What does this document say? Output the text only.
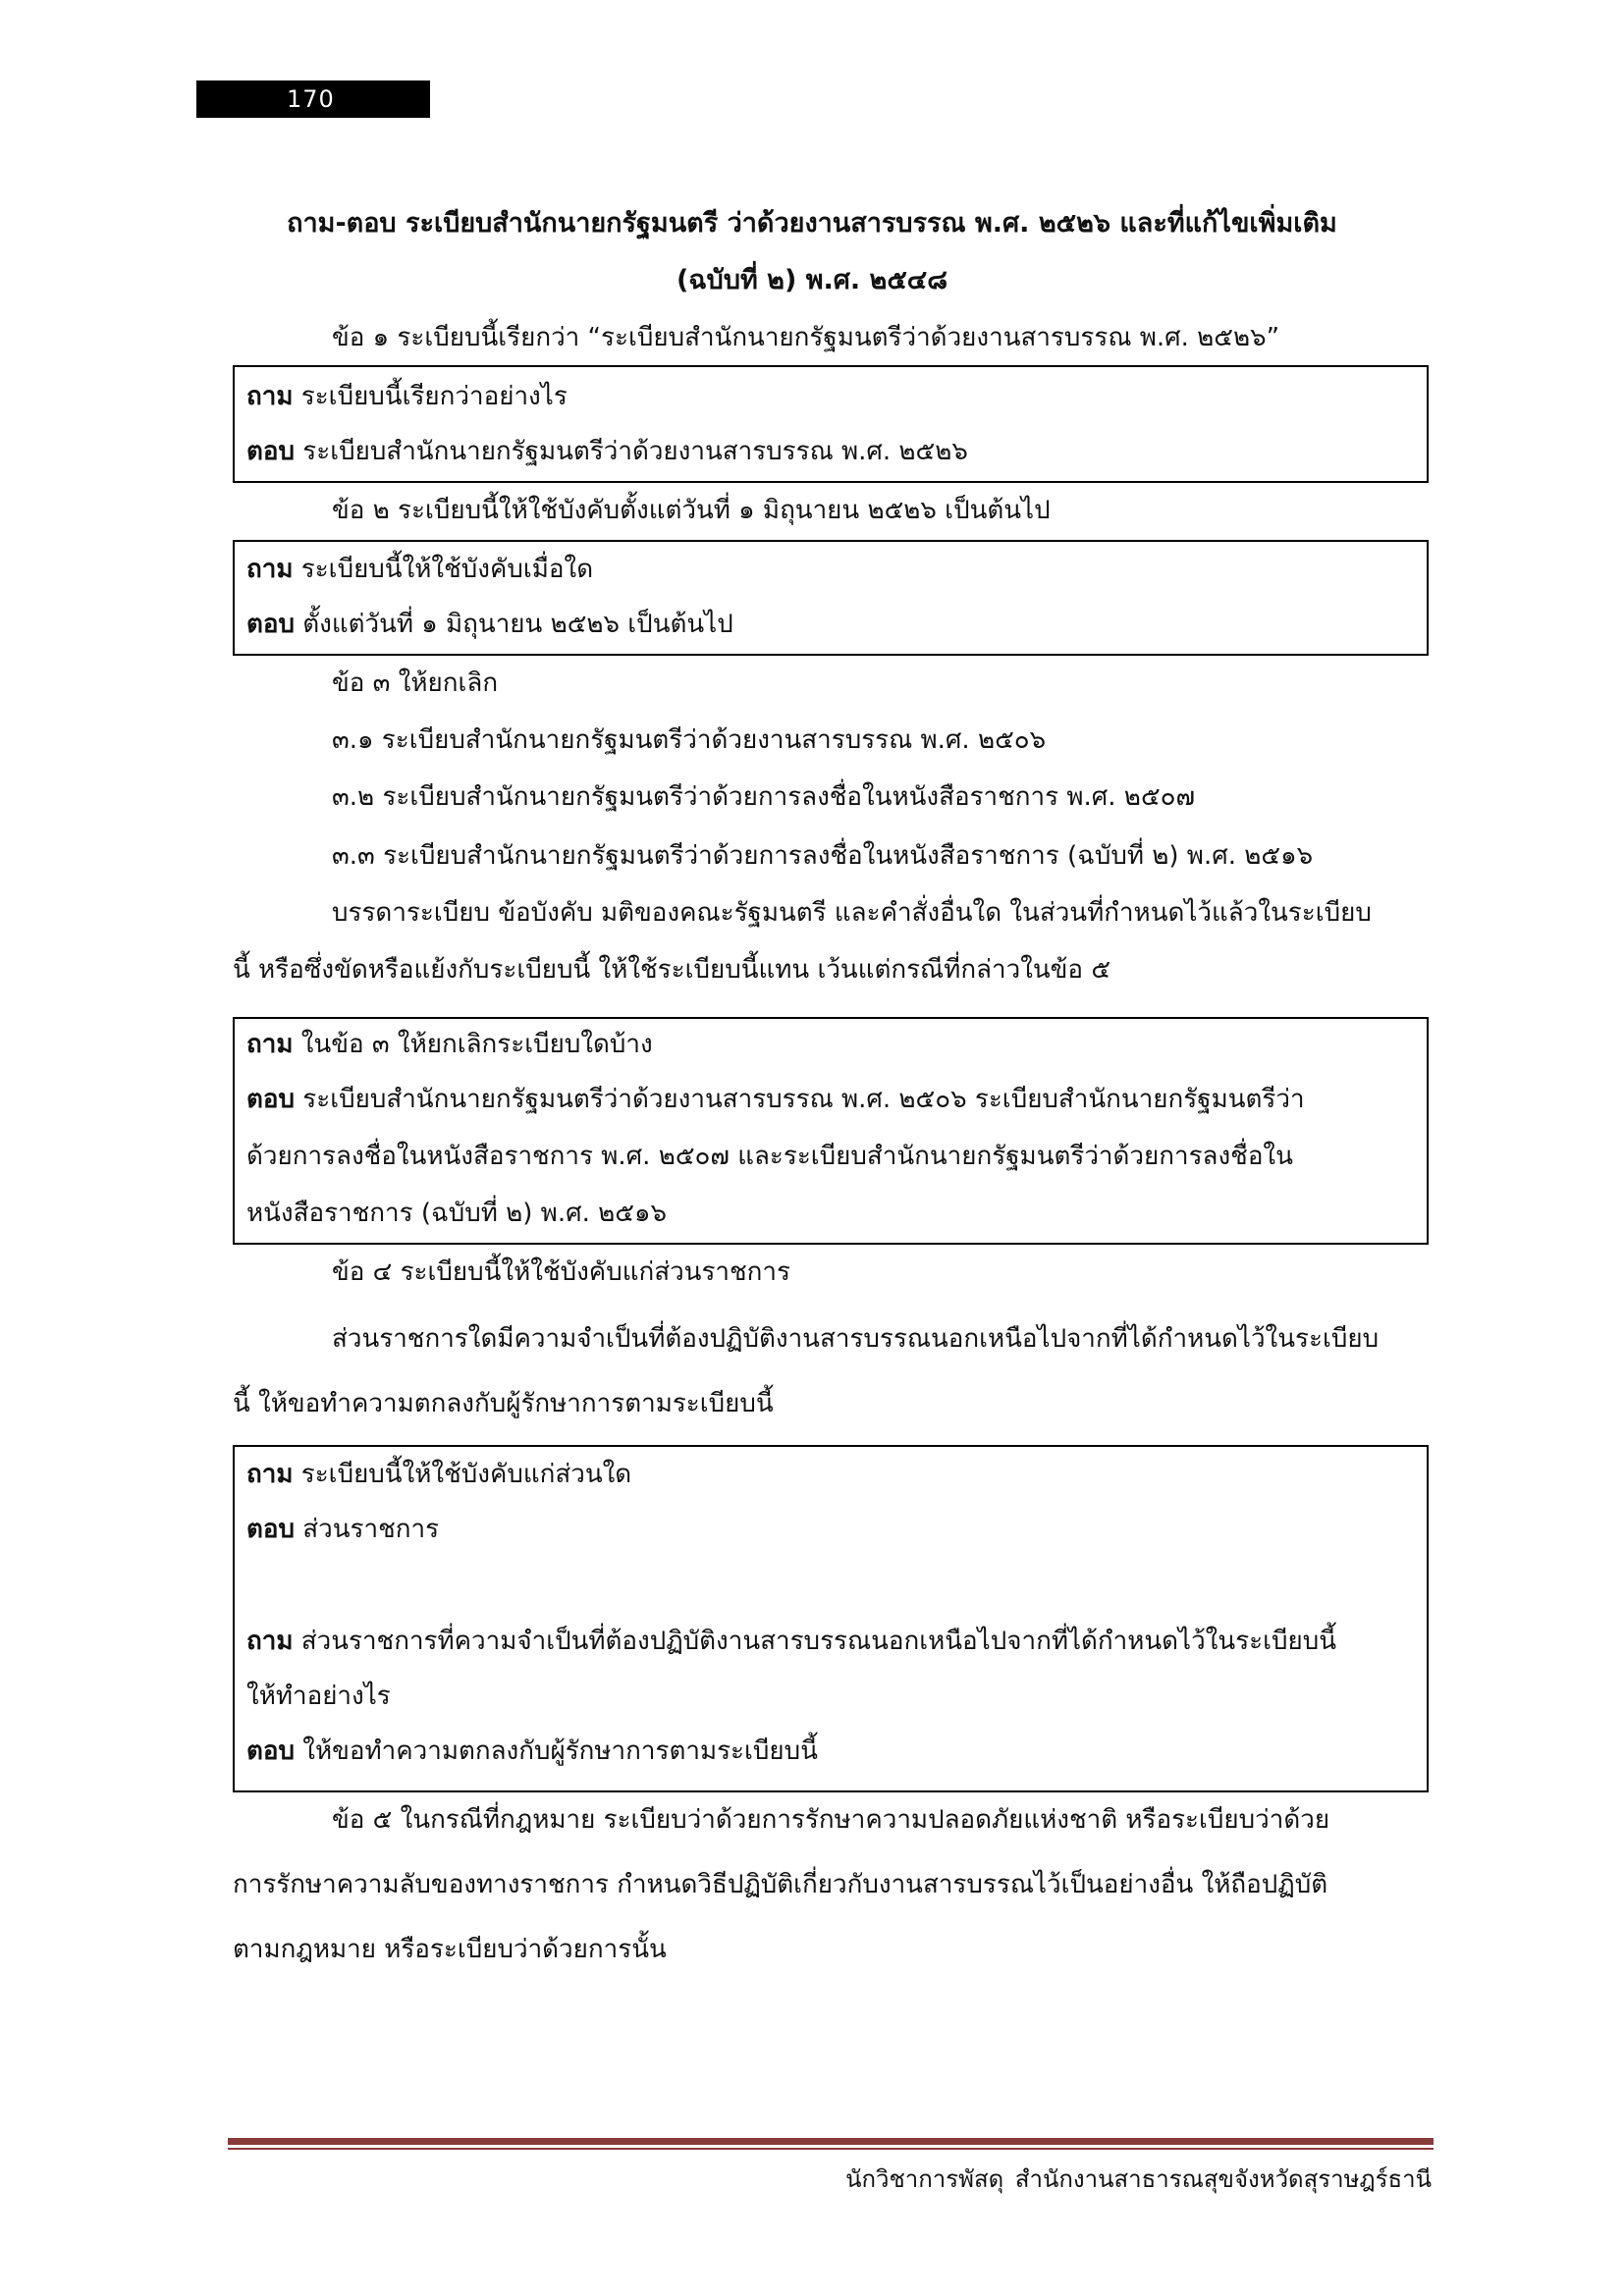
170
ถาม-ตอบ ระเบียบสำนักนายกรัฐมนตรี ว่าด้วยงานสารบรรณ พ.ศ. ๒๕๒๖ และที่แก้ไขเพิ่มเติม
(ฉบับที่ ๒) พ.ศ. ๒๕๔๘
ข้อ ๑ ระเบียบนี้เรียกว่า “ระเบียบสำนักนายกรัฐมนตรีว่าด้วยงานสารบรรณ พ.ศ. ๒๕๒๖”
ถาม ระเบียบนี้เรียกว่าอย่างไร
ตอบ ระเบียบสำนักนายกรัฐมนตรีว่าด้วยงานสารบรรณ พ.ศ. ๒๕๒๖
ข้อ ๒ ระเบียบนี้ให้ใช้บังคับตั้งแต่วันที่ ๑ มิถุนายน ๒๕๒๖ เป็นต้นไป
ถาม ระเบียบนี้ให้ใช้บังคับเมื่อใด
ตอบ ตั้งแต่วันที่ ๑ มิถุนายน ๒๕๒๖ เป็นต้นไป
ข้อ ๓ ให้ยกเลิก
๓.๑ ระเบียบสำนักนายกรัฐมนตรีว่าด้วยงานสารบรรณ พ.ศ. ๒๕๐๖
๓.๒ ระเบียบสำนักนายกรัฐมนตรีว่าด้วยการลงชื่อในหนังสือราชการ พ.ศ. ๒๕๐๗
๓.๓ ระเบียบสำนักนายกรัฐมนตรีว่าด้วยการลงชื่อในหนังสือราชการ (ฉบับที่ ๒) พ.ศ. ๒๕๑๖
บรรดาระเบียบ ข้อบังคับ มติของคณะรัฐมนตรี และคำสั่งอื่นใด ในส่วนที่กำหนดไว้แล้วในระเบียบ
นี้ หรือซึ่งขัดหรือแย้งกับระเบียบนี้ ให้ใช้ระเบียบนี้แทน เว้นแต่กรณีที่กล่าวในข้อ ๕
ถาม ในข้อ ๓ ให้ยกเลิกระเบียบใดบ้าง
ตอบ ระเบียบสำนักนายกรัฐมนตรีว่าด้วยงานสารบรรณ พ.ศ. ๒๕๐๖ ระเบียบสำนักนายกรัฐมนตรีว่า
ด้วยการลงชื่อในหนังสือราชการ พ.ศ. ๒๕๐๗ และระเบียบสำนักนายกรัฐมนตรีว่าด้วยการลงชื่อใน
หนังสือราชการ (ฉบับที่ ๒) พ.ศ. ๒๕๑๖
ข้อ ๔ ระเบียบนี้ให้ใช้บังคับแก่ส่วนราชการ
ส่วนราชการใดมีความจำเป็นที่ต้องปฏิบัติงานสารบรรณนอกเหนือไปจากที่ได้กำหนดไว้ในระเบียบ
นี้ ให้ขอทำความตกลงกับผู้รักษาการตามระเบียบนี้
ถาม ระเบียบนี้ให้ใช้บังคับแก่ส่วนใด
ตอบ ส่วนราชการ
ถาม ส่วนราชการที่ความจำเป็นที่ต้องปฏิบัติงานสารบรรณนอกเหนือไปจากที่ได้กำหนดไว้ในระเบียบนี้
ให้ทำอย่างไร
ตอบ ให้ขอทำความตกลงกับผู้รักษาการตามระเบียบนี้
ข้อ ๕ ในกรณีที่กฎหมาย ระเบียบว่าด้วยการรักษาความปลอดภัยแห่งชาติ หรือระเบียบว่าด้วย
การรักษาความลับของทางราชการ กำหนดวิธีปฏิบัติเกี่ยวกับงานสารบรรณไว้เป็นอย่างอื่น ให้ถือปฏิบัติ
ตามกฎหมาย หรือระเบียบว่าด้วยการนั้น
นักวิชาการพัสดุ สำนักงานสาธารณสุขจังหวัดสุราษฎร์ธานี
